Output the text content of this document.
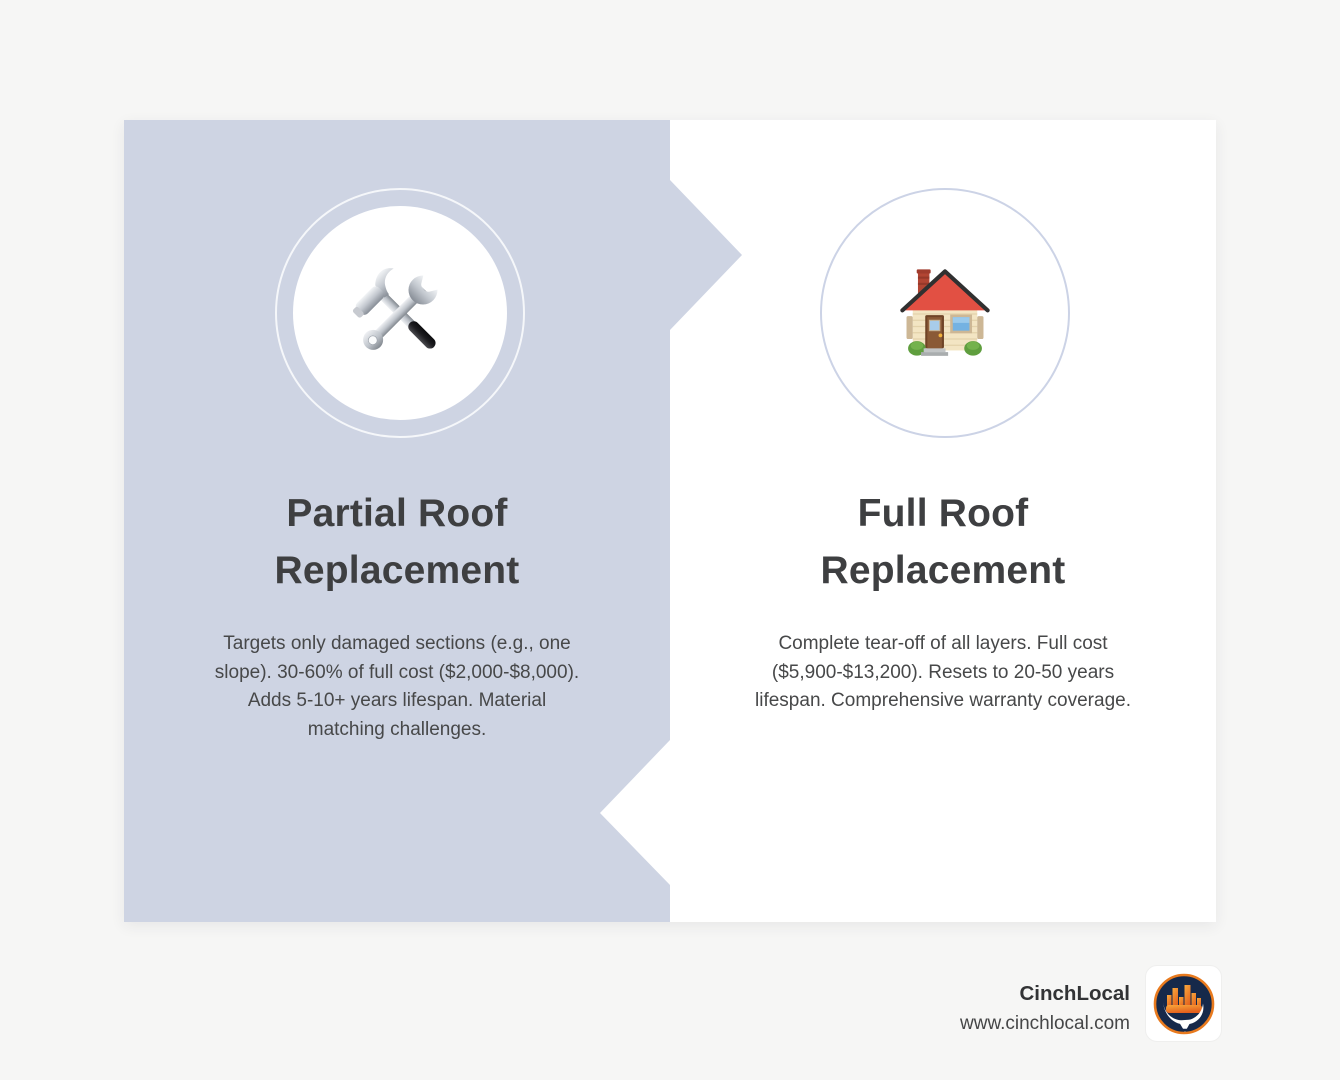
Partial Roof
Replacement
Targets only damaged sections (e.g., one
slope). 30-60% of full cost ($2,000-$8,000).
Adds 5-10+ years lifespan. Material
matching challenges.
Full Roof
Replacement
Complete tear-off of all layers. Full cost
($5,900-$13,200). Resets to 20-50 years
lifespan. Comprehensive warranty coverage.
CinchLocal
www.cinchlocal.com
